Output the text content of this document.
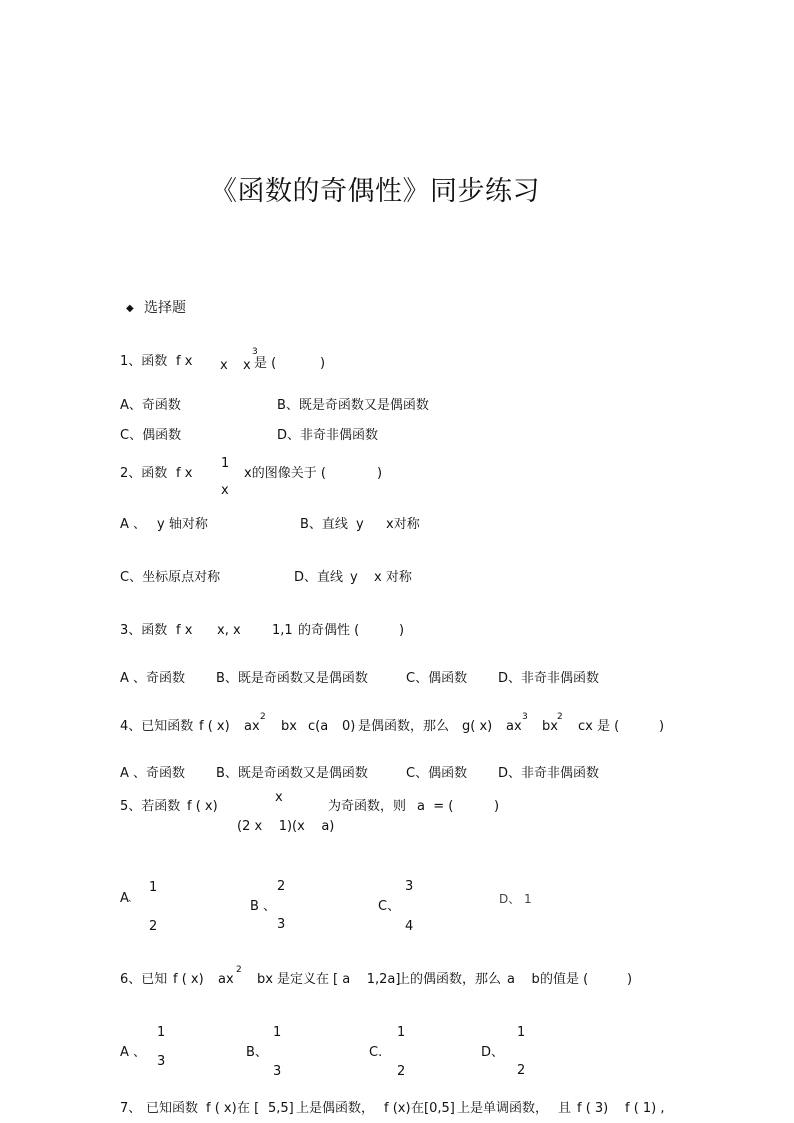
《函数的奇偶性》同步练习
◆ 选择题
1、函数 f x x x
3
是 (	)
A、奇函数	B、既是奇函数又是偶函数
C、偶函数	D、非奇非偶函数
2、函数 f x
1
x
x的图像关于 (	)
A 、 y 轴对称	B、直线 y x对称
C、坐标原点对称	D、直线 y x 对称
3、函数 f x x, x 1,1 的奇偶性 (	)
A 、奇函数 B、既是奇函数又是偶函数	C、偶函数 D、非奇非偶函数
4、已知函数 f ( x) ax
2
bx c(a 0) 是偶函数，那么 g( x) ax
3
bx
2
cx 是 (	)
A 、奇函数 B、既是奇函数又是偶函数	C、偶函数 D、非奇非偶函数
5、若函数 f ( x)
x
(2 x    1)(x    a)
为奇函数，则 a  = (	)
A 、
1
2
B 、
2
3
C、
3
4
D、 1
6、已知 f ( x) ax
2
bx 是定义在 [ a    1,2a]
上的偶函数，那么 a    b 的值是 (	)
A 、
1
3
B、
1
3
C.
1
2
D、
1
2
7、 已知函数 f ( x) 在 [ 5,5] 上是偶函数， f (x) 在[0,5] 上是单调函数， 且 f ( 3) f ( 1) ,
